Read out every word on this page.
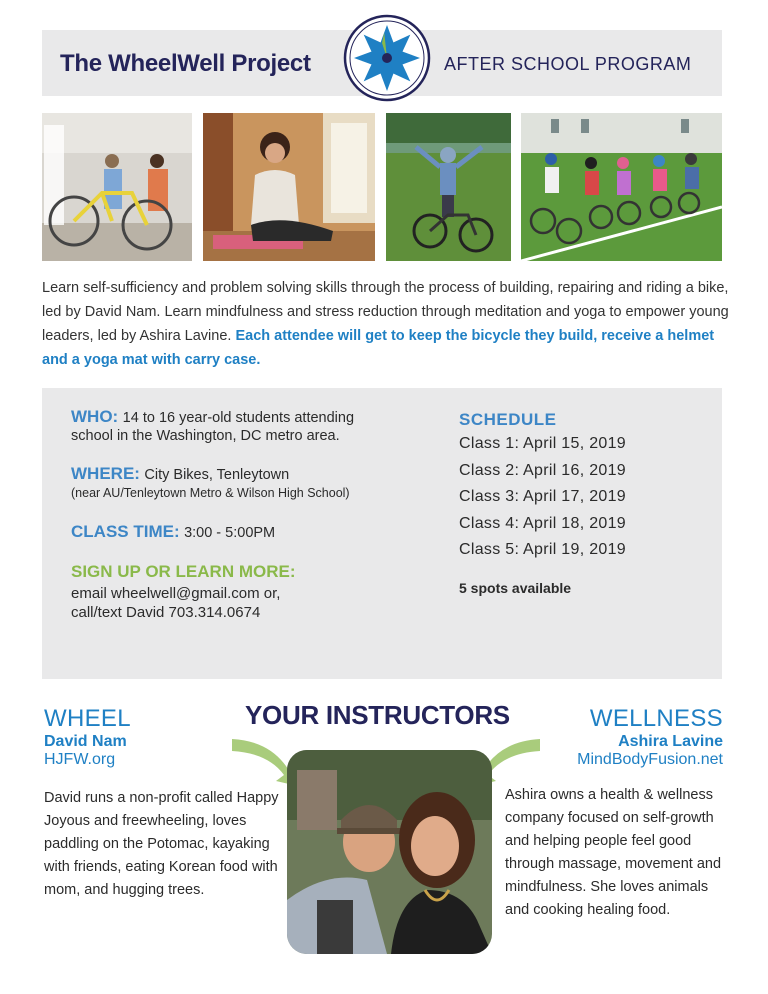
The WheelWell Project	AFTER SCHOOL PROGRAM
Learn self-sufficiency and problem solving skills through the process of building, repairing and riding a bike, led by David Nam. Learn mindfulness and stress reduction through meditation and yoga to empower young leaders, led by Ashira Lavine. Each attendee will get to keep the bicycle they build, receive a helmet and a yoga mat with carry case.
WHO: 14 to 16 year-old students attending
school in the Washington, DC metro area.
WHERE: City Bikes, Tenleytown
(near AU/Tenleytown Metro & Wilson High School)
CLASS TIME: 3:00 - 5:00PM
SIGN UP OR LEARN MORE:
email wheelwell@gmail.com or,
call/text David 703.314.0674
SCHEDULE
Class 1: April 15, 2019
Class 2: April 16, 2019
Class 3: April 17, 2019
Class 4: April 18, 2019
Class 5: April 19, 2019
5 spots available
YOUR INSTRUCTORS
WHEEL
David Nam
HJFW.org
David runs a non-profit called Happy Joyous and freewheeling, loves paddling on the Potomac, kayaking with friends, eating Korean food with mom, and hugging trees.
WELLNESS
Ashira Lavine
MindBodyFusion.net
Ashira owns a health & wellness company focused on self-growth and helping people feel good through massage, movement and mindfulness. She loves animals and cooking healing food.
